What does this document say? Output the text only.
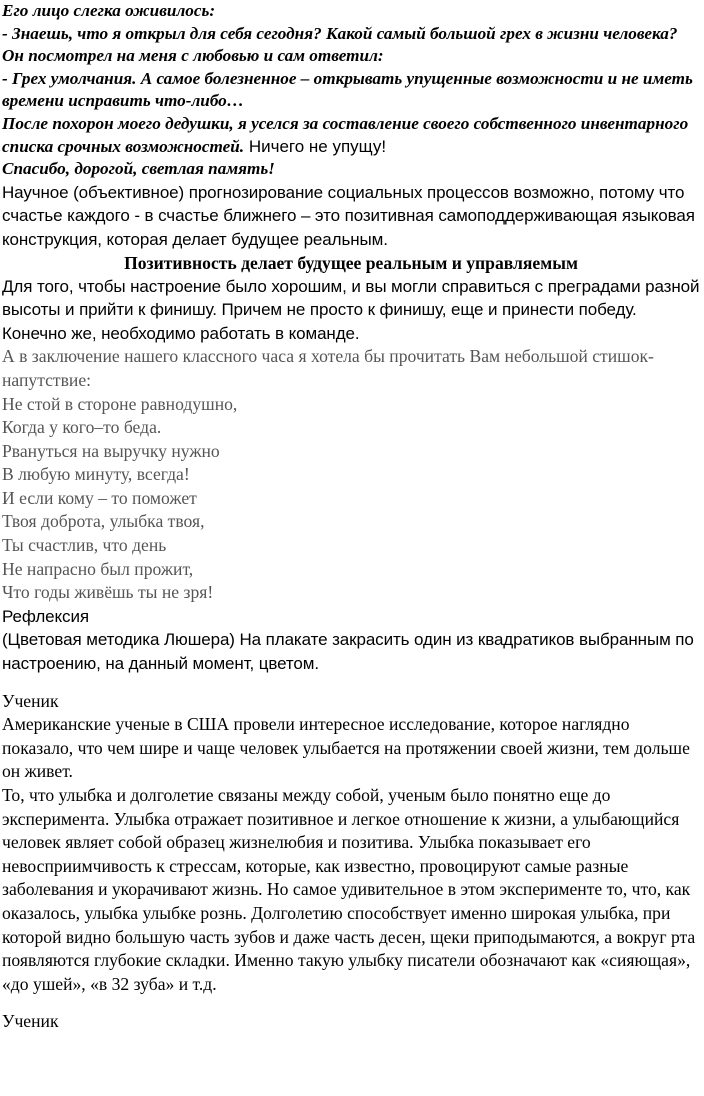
Его лицо слегка оживилось:

- Знаешь, что я открыл для себя сегодня? Какой самый большой грех в жизни человека?

Он посмотрел на меня с любовью и сам ответил:

- Грех умолчания. А самое болезненное – открывать упущенные возможности и не иметь времени исправить что-либо…

После похорон моего дедушки, я уселся за составление своего собственного инвентарного списка срочных возможностей. Ничего не упущу!

Спасибо, дорогой, светлая память!

Научное (объективное) прогнозирование социальных процессов возможно, потому что счастье каждого - в счастье ближнего – это позитивная самоподдерживающая языковая конструкция, которая делает будущее реальным.

Позитивность делает будущее реальным и управляемым

Для того, чтобы настроение было хорошим, и вы могли справиться с преградами разной высоты и прийти к финишу. Причем не просто к финишу, еще и принести победу. Конечно же, необходимо работать в команде.

А в заключение нашего классного часа я хотела бы прочитать Вам небольшой стишок-напутствие:

Не стой в стороне равнодушно,

Когда у кого–то беда.

Рвануться на выручку нужно

В любую минуту, всегда!

И если кому – то поможет

Твоя доброта, улыбка твоя,

Ты счастлив, что день

Не напрасно был прожит,

Что годы живёшь ты не зря!

Рефлексия

(Цветовая методика Люшера) На плакате закрасить один из квадратиков выбранным по настроению, на данный момент, цветом.

Ученик

Американские ученые в США провели интересное исследование, которое наглядно показало, что чем шире и чаще человек улыбается на протяжении своей жизни, тем дольше он живет.

То, что улыбка и долголетие связаны между собой, ученым было понятно еще до эксперимента. Улыбка отражает позитивное и легкое отношение к жизни, а улыбающийся человек являет собой образец жизнелюбия и позитива. Улыбка показывает его невосприимчивость к стрессам, которые, как известно, провоцируют самые разные заболевания и укорачивают жизнь. Но самое удивительное в этом эксперименте то, что, как оказалось, улыбка улыбке рознь. Долголетию способствует именно широкая улыбка, при которой видно большую часть зубов и даже часть десен, щеки приподымаются, а вокруг рта появляются глубокие складки. Именно такую улыбку писатели обозначают как «сияющая», «до ушей», «в 32 зуба» и т.д.

Ученик
